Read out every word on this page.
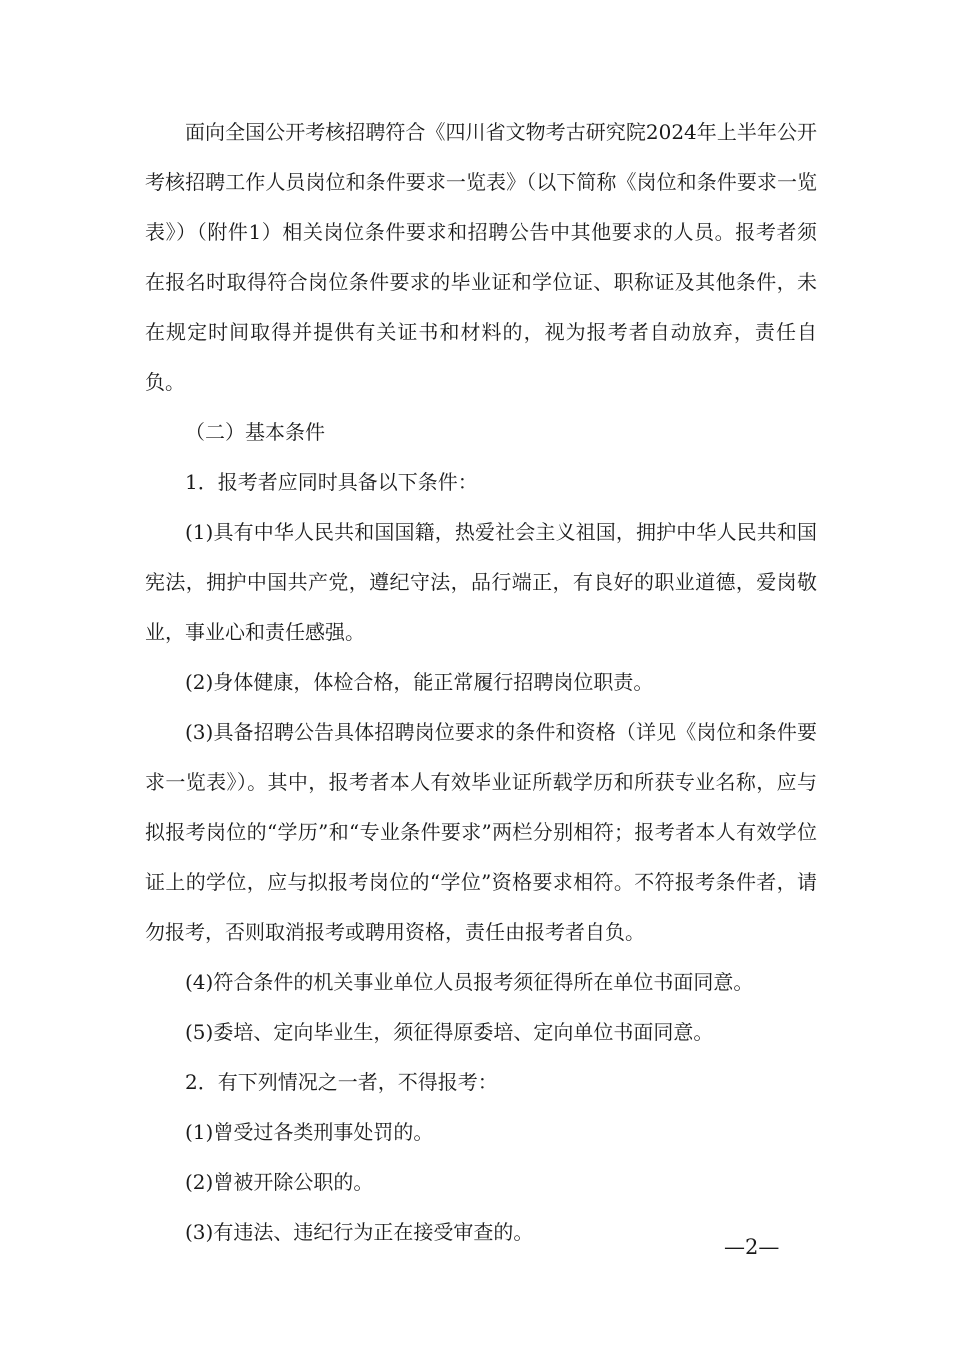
面向全国公开考核招聘符合《四川省文物考古研究院2024年上半年公开考核招聘工作人员岗位和条件要求一览表》（以下简称《岗位和条件要求一览表》）（附件1）相关岗位条件要求和招聘公告中其他要求的人员。报考者须在报名时取得符合岗位条件要求的毕业证和学位证、职称证及其他条件，未在规定时间取得并提供有关证书和材料的，视为报考者自动放弃，责任自负。

（二）基本条件

1．报考者应同时具备以下条件：

(1)具有中华人民共和国国籍，热爱社会主义祖国，拥护中华人民共和国宪法，拥护中国共产党，遵纪守法，品行端正，有良好的职业道德，爱岗敬业，事业心和责任感强。

(2)身体健康，体检合格，能正常履行招聘岗位职责。

(3)具备招聘公告具体招聘岗位要求的条件和资格（详见《岗位和条件要求一览表》）。其中，报考者本人有效毕业证所载学历和所获专业名称，应与拟报考岗位的“学历”和“专业条件要求”两栏分别相符；报考者本人有效学位证上的学位，应与拟报考岗位的“学位”资格要求相符。不符报考条件者，请勿报考，否则取消报考或聘用资格，责任由报考者自负。

(4)符合条件的机关事业单位人员报考须征得所在单位书面同意。

(5)委培、定向毕业生，须征得原委培、定向单位书面同意。

2．有下列情况之一者，不得报考：

(1)曾受过各类刑事处罚的。

(2)曾被开除公职的。

(3)有违法、违纪行为正在接受审查的。

—2—
